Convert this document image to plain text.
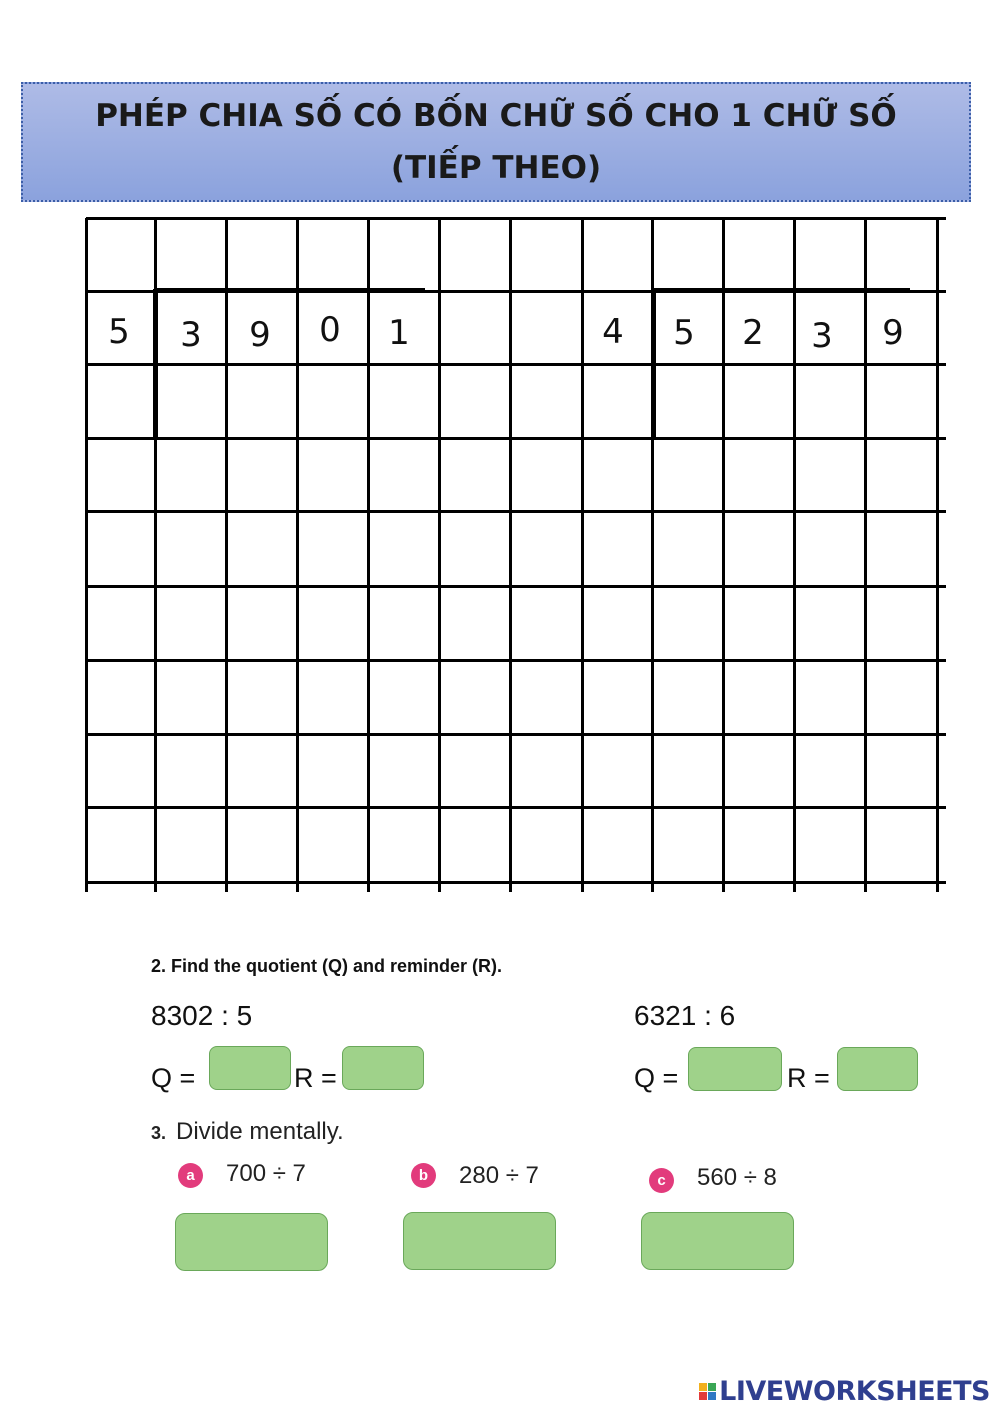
PHÉP CHIA SỐ CÓ BỐN CHỮ SỐ CHO 1 CHỮ SỐ
(TIẾP THEO)
5	3	9	0	1	4	5	2	3	9
2. Find the quotient (Q) and reminder (R).
8302 : 5
Q =	R =
6321 : 6
Q =	R =
3. Divide mentally.
a	700 ÷ 7	b	280 ÷ 7	c	560 ÷ 8
LIVEWORKSHEETS
